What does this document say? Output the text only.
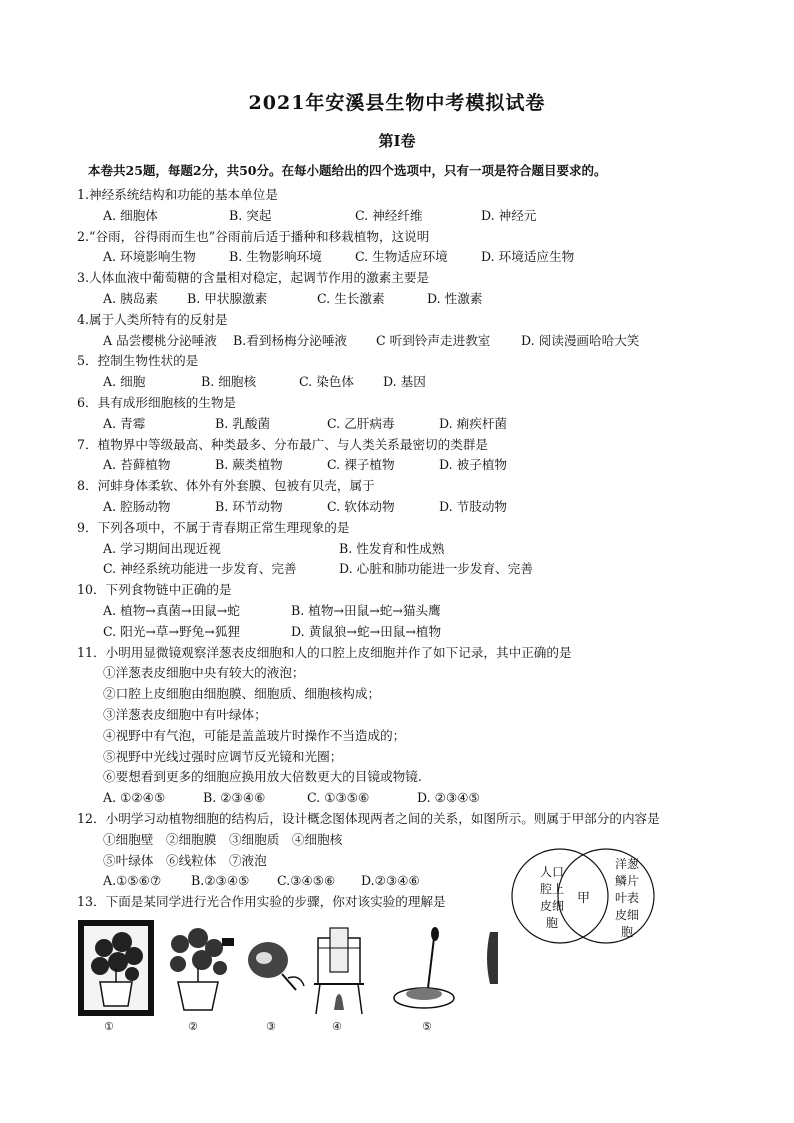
2021年安溪县生物中考模拟试卷
第Ⅰ卷
本卷共25题，每题2分，共50分。在每小题给出的四个选项中，只有一项是符合题目要求的。
1.神经系统结构和功能的基本单位是
A. 细胞体	B. 突起	C. 神经纤维	D. 神经元
2.“谷雨，谷得雨而生也”谷雨前后适于播种和移栽植物，这说明
A. 环境影响生物	B. 生物影响环境	C. 生物适应环境	D. 环境适应生物
3.人体血液中葡萄糖的含量相对稳定，起调节作用的激素主要是
A. 胰岛素 B. 甲状腺激素	C. 生长激素	D. 性激素
4.属于人类所特有的反射是
A 品尝樱桃分泌唾液 B.看到杨梅分泌唾液 C 听到铃声走进教室 D. 阅读漫画哈哈大笑
5．控制生物性状的是
A. 细胞	B. 细胞核	C. 染色体 D. 基因
6．具有成形细胞核的生物是
A. 青霉	B. 乳酸菌	C. 乙肝病毒	D. 痢疾杆菌
7．植物界中等级最高、种类最多、分布最广、与人类关系最密切的类群是
A. 苔藓植物	B. 蕨类植物	C. 裸子植物	D. 被子植物
8．河蚌身体柔软、体外有外套膜、包被有贝壳，属于
A. 腔肠动物	B. 环节动物	C. 软体动物	D. 节肢动物
9．下列各项中，不属于青春期正常生理现象的是
A. 学习期间出现近视	B. 性发育和性成熟
C. 神经系统功能进一步发育、完善	D. 心脏和肺功能进一步发育、完善
10．下列食物链中正确的是
A. 植物→真菌→田鼠→蛇	B. 植物→田鼠→蛇→猫头鹰
C. 阳光→草→野兔→狐狸	D. 黄鼠狼→蛇→田鼠→植物
11．小明用显微镜观察洋葱表皮细胞和人的口腔上皮细胞并作了如下记录，其中正确的是
①洋葱表皮细胞中央有较大的液泡；
②口腔上皮细胞由细胞膜、细胞质、细胞核构成；
③洋葱表皮细胞中有叶绿体；
④视野中有气泡，可能是盖盖玻片时操作不当造成的；
⑤视野中光线过强时应调节反光镜和光圈；
⑥要想看到更多的细胞应换用放大倍数更大的目镜或物镜.
A. ①②④⑤	B. ②③④⑥	C. ①③⑤⑥	D. ②③④⑤
12．小明学习动植物细胞的结构后，设计概念图体现两者之间的关系，如图所示。则属于甲部分的内容是
①细胞壁　②细胞膜　③细胞质　④细胞核
⑤叶绿体　⑥线粒体　⑦液泡
A.①⑤⑥⑦ B.②③④⑤ C.③④⑤⑥ D.②③④⑥
13．下面是某同学进行光合作用实验的步骤，你对该实验的理解是
人口
腔上
皮细
胞
甲
洋葱
鳞片
叶表
皮细
胞
①	②	③	④	⑤
